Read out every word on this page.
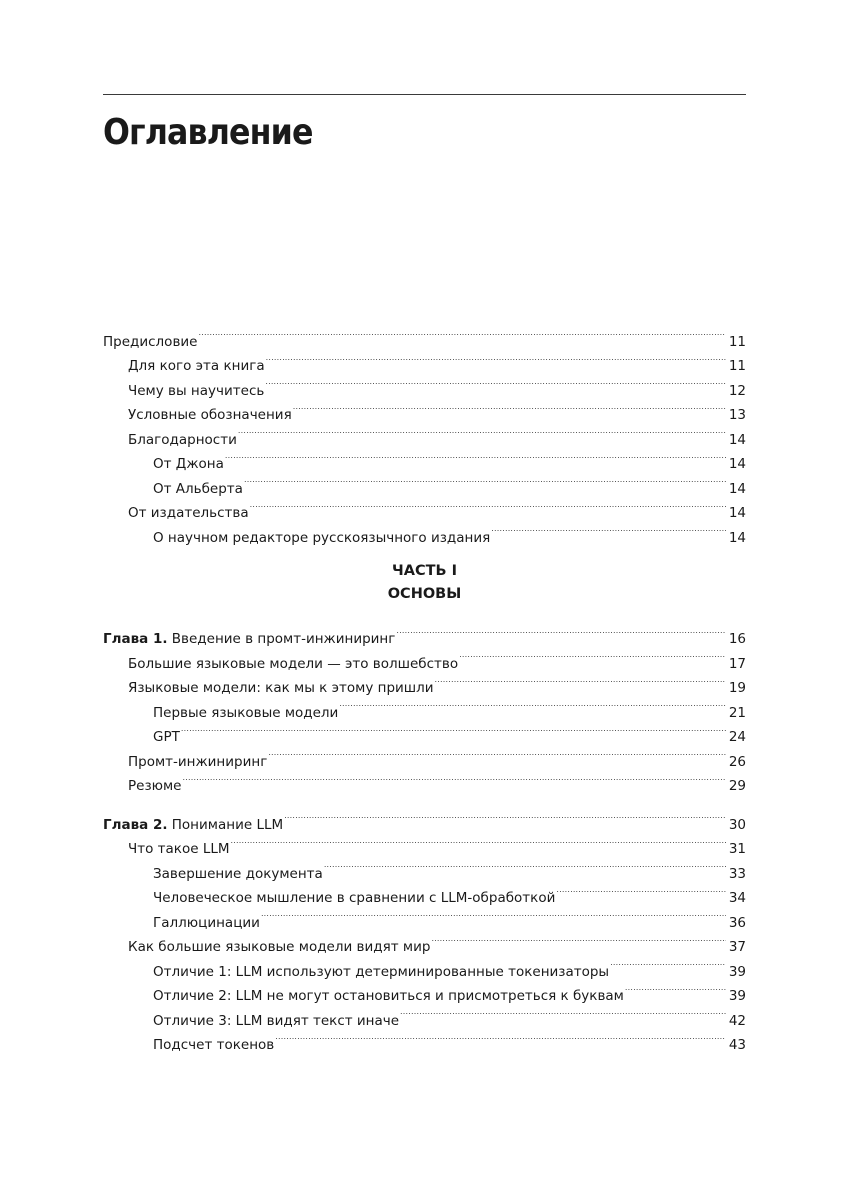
Оглавление
Предисловие .....	11
Для кого эта книга .....	11
Чему вы научитесь .....	12
Условные обозначения .....	13
Благодарности .....	14
От Джона .....	14
От Альберта .....	14
От издательства .....	14
О научном редакторе русскоязычного издания .....	14

ЧАСТЬ I

ОСНОВЫ

Глава 1. Введение в промт-инжиниринг .....	16
Большие языковые модели — это волшебство .....	17
Языковые модели: как мы к этому пришли .....	19
Первые языковые модели .....	21
GPT .....	24
Промт-инжиниринг .....	26
Резюме .....	29
Глава 2. Понимание LLM .....	30
Что такое LLM .....	31
Завершение документа .....	33
Человеческое мышление в сравнении с LLM-обработкой .....	34
Галлюцинации .....	36
Как большие языковые модели видят мир .....	37
Отличие 1: LLM используют детерминированные токенизаторы .....	39
Отличие 2: LLM не могут остановиться и присмотреться к буквам .....	39
Отличие 3: LLM видят текст иначе .....	42
Подсчет токенов .....	43
